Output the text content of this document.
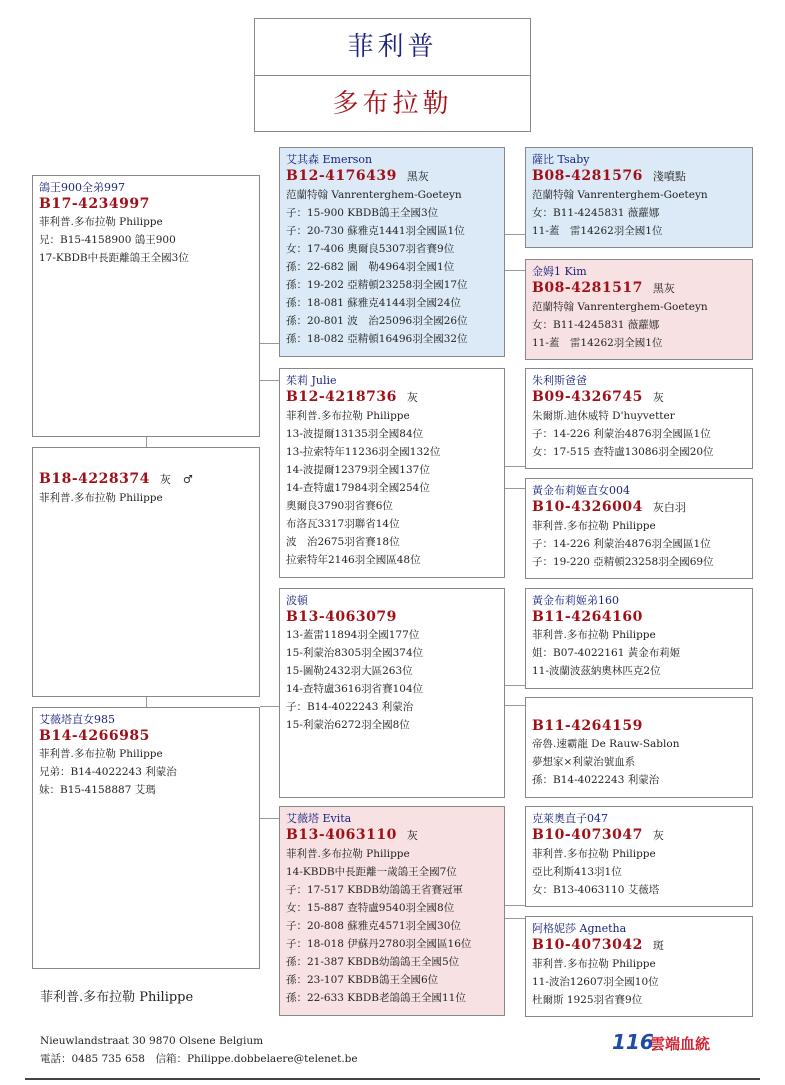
菲利普
多布拉勒
鴿王900全弟997
B17-4234997
菲利普.多布拉勒 Philippe
兄：B15-4158900 鴿王900
17-KBDB中長距離鴿王全國3位
B18-4228374 灰 ♂
菲利普.多布拉勒 Philippe
艾薇塔直女985
B14-4266985
菲利普.多布拉勒 Philippe
兄弟：B14-4022243 利蒙治
妹：B15-4158887 艾瑪
艾其森 Emerson
B12-4176439 黑灰
范蘭特翰 Vanrenterghem-Goeteyn
子：15-900 KBDB鴿王全國3位
子：20-730 蘇雅克1441羽全國區1位
女：17-406 奧爾良5307羽省賽9位
孫：22-682 圖　勒4964羽全國1位
孫：19-202 亞精頓23258羽全國17位
孫：18-081 蘇雅克4144羽全國24位
孫：20-801 波　治25096羽全國26位
孫：18-082 亞精頓16496羽全國32位
茱莉 Julie
B12-4218736 灰
菲利普.多布拉勒 Philippe
13-波提爾13135羽全國84位
13-拉索特年11236羽全國132位
14-波提爾12379羽全國137位
14-查特盧17984羽全國254位
奧爾良3790羽省賽6位
布洛瓦3317羽聯省14位
波　治2675羽省賽18位
拉索特年2146羽全國區48位
波頓
B13-4063079
13-蓋雷11894羽全國177位
15-利蒙治8305羽全國374位
15-圖勒2432羽大區263位
14-查特盧3616羽省賽104位
子：B14-4022243 利蒙治
15-利蒙治6272羽全國8位
艾薇塔 Evita
B13-4063110 灰
菲利普.多布拉勒 Philippe
14-KBDB中長距離一歲鴿王全國7位
子：17-517 KBDB幼鴿鴿王省賽冠軍
女：15-887 查特盧9540羽全國8位
子：20-808 蘇雅克4571羽全國30位
子：18-018 伊蘇丹2780羽全國區16位
孫：21-387 KBDB幼鴿鴿王全國5位
孫：23-107 KBDB鴿王全國6位
孫：22-633 KBDB老鴿鴿王全國11位
薩比 Tsaby
B08-4281576 淺噴點
范蘭特翰 Vanrenterghem-Goeteyn
女：B11-4245831 薇蘿娜
11-蓋　雷14262羽全國1位
金姆1 Kim
B08-4281517 黑灰
范蘭特翰 Vanrenterghem-Goeteyn
女：B11-4245831 薇蘿娜
11-蓋　雷14262羽全國1位
朱利斯爸爸
B09-4326745 灰
朱爾斯.迪休威特 D'huyvetter
子：14-226 利蒙治4876羽全國區1位
女：17-515 查特盧13086羽全國20位
黃金布莉姬直女004
B10-4326004 灰白羽
菲利普.多布拉勒 Philippe
子：14-226 利蒙治4876羽全國區1位
子：19-220 亞精頓23258羽全國69位
黃金布莉姬弟160
B11-4264160
菲利普.多布拉勒 Philippe
姐：B07-4022161 黃金布莉姬
11-波蘭波茲納奧林匹克2位
B11-4264159
帝魯.速霸龍 De Rauw-Sablon
夢想家×利蒙治號血系
孫：B14-4022243 利蒙治
克萊奧直子047
B10-4073047 灰
菲利普.多布拉勒 Philippe
亞比利斯413羽1位
女：B13-4063110 艾薇塔
阿格妮莎 Agnetha
B10-4073042 斑
菲利普.多布拉勒 Philippe
11-波治12607羽全國10位
杜爾斯 1925羽省賽9位
菲利普.多布拉勒 Philippe
Nieuwlandstraat 30 9870 Olsene Belgium
電話：0485 735 658　信箱：Philippe.dobbelaere@telenet.be
116
雲端血統
